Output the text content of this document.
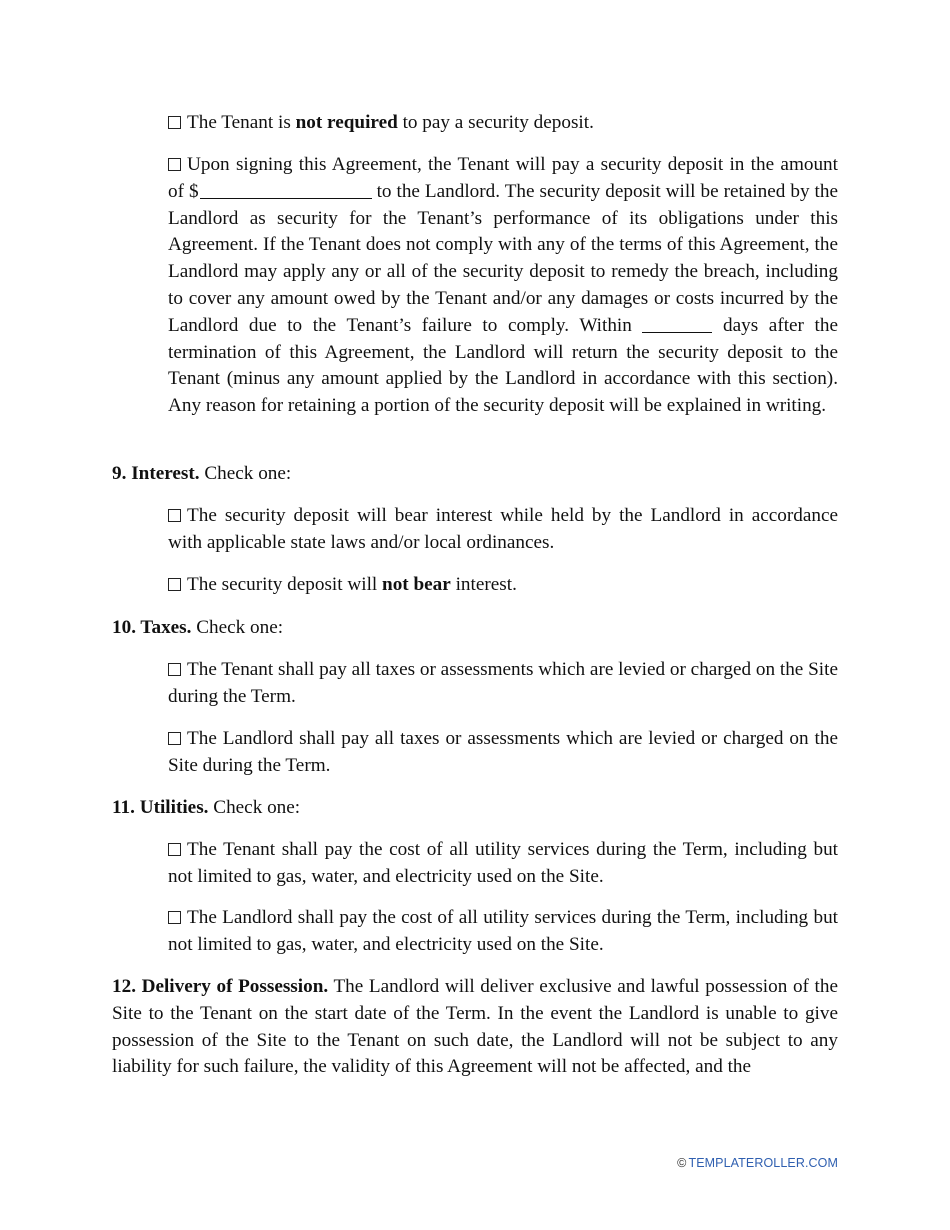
The Tenant is not required to pay a security deposit.
Upon signing this Agreement, the Tenant will pay a security deposit in the amount of $	to the Landlord. The security deposit will be retained by the Landlord as security for the Tenant’s performance of its obligations under this Agreement. If the Tenant does not comply with any of the terms of this Agreement, the Landlord may apply any or all of the security deposit to remedy the breach, including to cover any amount owed by the Tenant and/or any damages or costs incurred by the Landlord due to the Tenant’s failure to comply. Within	days after the termination of this Agreement, the Landlord will return the security deposit to the Tenant (minus any amount applied by the Landlord in accordance with this section). Any reason for retaining a portion of the security deposit will be explained in writing.
9. Interest. Check one:
The security deposit will bear interest while held by the Landlord in accordance with applicable state laws and/or local ordinances.
The security deposit will not bear interest.
10. Taxes. Check one:
The Tenant shall pay all taxes or assessments which are levied or charged on the Site during the Term.
The Landlord shall pay all taxes or assessments which are levied or charged on the Site during the Term.
11. Utilities. Check one:
The Tenant shall pay the cost of all utility services during the Term, including but not limited to gas, water, and electricity used on the Site.
The Landlord shall pay the cost of all utility services during the Term, including but not limited to gas, water, and electricity used on the Site.
12. Delivery of Possession. The Landlord will deliver exclusive and lawful possession of the Site to the Tenant on the start date of the Term. In the event the Landlord is unable to give possession of the Site to the Tenant on such date, the Landlord will not be subject to any liability for such failure, the validity of this Agreement will not be affected, and the
© TEMPLATEROLLER.COM
